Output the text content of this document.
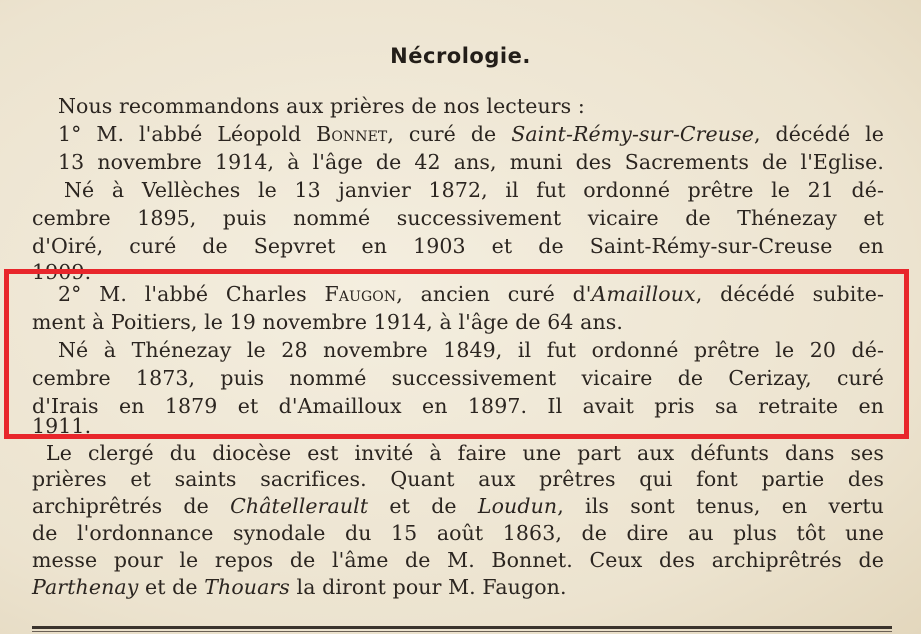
Nécrologie.
Nous recommandons aux prières de nos lecteurs :
1° M. l'abbé Léopold Bonnet, curé de Saint-Rémy-sur-Creuse, décédé le
13 novembre 1914, à l'âge de 42 ans, muni des Sacrements de l'Eglise.
Né à Vellèches le 13 janvier 1872, il fut ordonné prêtre le 21 dé-
cembre 1895, puis nommé successivement vicaire de Thénezay et
d'Oiré, curé de Sepvret en 1903 et de Saint-Rémy-sur-Creuse en
1909.
2° M. l'abbé Charles Faugon, ancien curé d'Amailloux, décédé subite-
ment à Poitiers, le 19 novembre 1914, à l'âge de 64 ans.
Né à Thénezay le 28 novembre 1849, il fut ordonné prêtre le 20 dé-
cembre 1873, puis nommé successivement vicaire de Cerizay, curé
d'Irais en 1879 et d'Amailloux en 1897. Il avait pris sa retraite en
1911.
Le clergé du diocèse est invité à faire une part aux défunts dans ses
prières et saints sacrifices. Quant aux prêtres qui font partie des
archiprêtrés de Châtellerault et de Loudun, ils sont tenus, en vertu
de l'ordonnance synodale du 15 août 1863, de dire au plus tôt une
messe pour le repos de l'âme de M. Bonnet. Ceux des archiprêtrés de
Parthenay et de Thouars la diront pour M. Faugon.
